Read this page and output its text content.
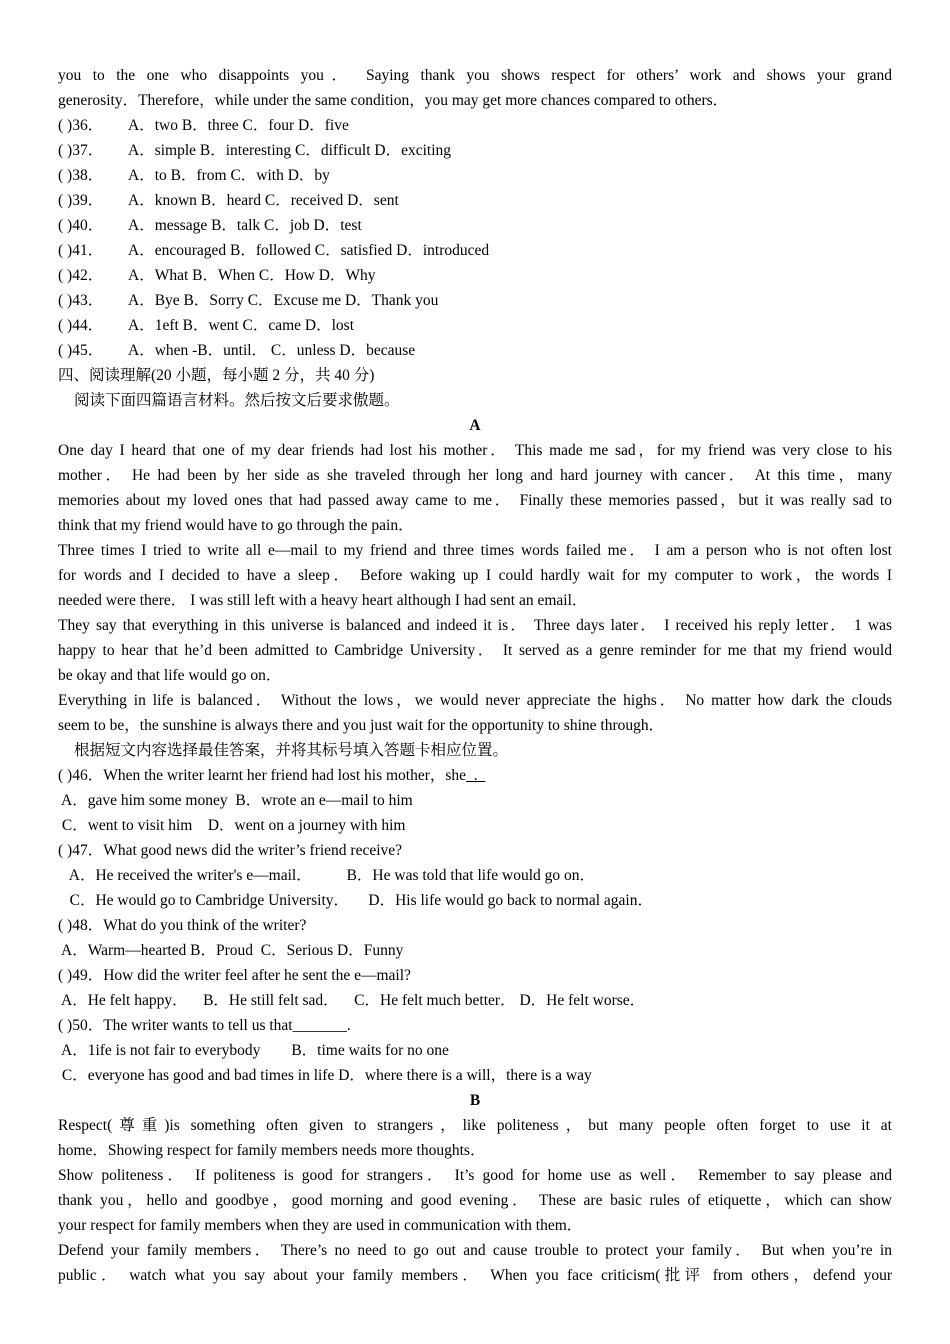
you to the one who disappoints you． Saying thank you shows respect for others’ work and shows your grand
generosity．Therefore，while under the same condition，you may get more chances compared to others．
( )36．	A．two B．three C．four D．five
( )37．	A．simple B．interesting C．difficult D．exciting
( )38．	A．to B．from C．with D．by
( )39．	A．known B．heard C．received D．sent
( )40．	A．message B．talk C．job D．test
( )41．	A．encouraged B．followed C．satisfied D．introduced
( )42．	A．What B．When C．How D．Why
( )43．	A．Bye B．Sorry C．Excuse me D．Thank you
( )44．	A．1eft B．went C．came D．lost
( )45．	A．when -B．until． C．unless D．because
四、阅读理解(20 小题，每小题 2 分，共 40 分)
阅读下面四篇语言材料。然后按文后要求傲题。
A
One day I heard that one of my dear friends had lost his mother． This made me sad，for my friend was very close to his
mother． He had been by her side as she traveled through her long and hard journey with cancer． At this time，many
memories about my loved ones that had passed away came to me． Finally these memories passed，but it was really sad to
think that my friend would have to go through the pain．
Three times I tried to write all e—mail to my friend and three times words failed me． I am a person who is not often lost
for words and I decided to have a sleep． Before waking up I could hardly wait for my computer to work，the words I
needed were there． I was still left with a heavy heart although I had sent an email．
They say that everything in this universe is balanced and indeed it is． Three days later． I received his reply letter． 1 was
happy to hear that he’d been admitted to Cambridge University． It served as a genre reminder for me that my friend would
be okay and that life would go on．
Everything in life is balanced． Without the lows，we would never appreciate the highs． No matter how dark the clouds
seem to be，the sunshine is always there and you just wait for the opportunity to shine through．
根据短文内容选择最佳答案，并将其标号填入答题卡相应位置。
( )46．When the writer learnt her friend had lost his mother，she  .
A．gave him some money  B．wrote an e—mail to him
C．went to visit him    D．went on a journey with him
( )47．What good news did the writer’s friend receive?
A．He received the writer's e—mail．         B．He was told that life would go on．
C．He would go to Cambridge University．     D．His life would go back to normal again．
( )48．What do you think of the writer?
A．Warm—hearted B．Proud  C．Serious D．Funny
( )49．How did the writer feel after he sent the e—mail?
A．He felt happy．    B．He still felt sad．    C．He felt much better． D．He felt worse．
( )50．The writer wants to tell us that_______.
A．1ife is not fair to everybody        B．time waits for no one
C．everyone has good and bad times in life D．where there is a will，there is a way
B
Respect(尊重)is something often given to strangers，like politeness，but many people often forget to use it at
home．Showing respect for family members needs more thoughts．
Show politeness． If politeness is good for strangers． It’s good for home use as well． Remember to say please and
thank you，hello and goodbye，good morning and good evening． These are basic rules of etiquette，which can show
your respect for family members when they are used in communication with them．
Defend your family members． There’s no need to go out and cause trouble to protect your family． But when you’re in
public． watch what you say about your family members． When you face criticism(批评 from others，defend your
